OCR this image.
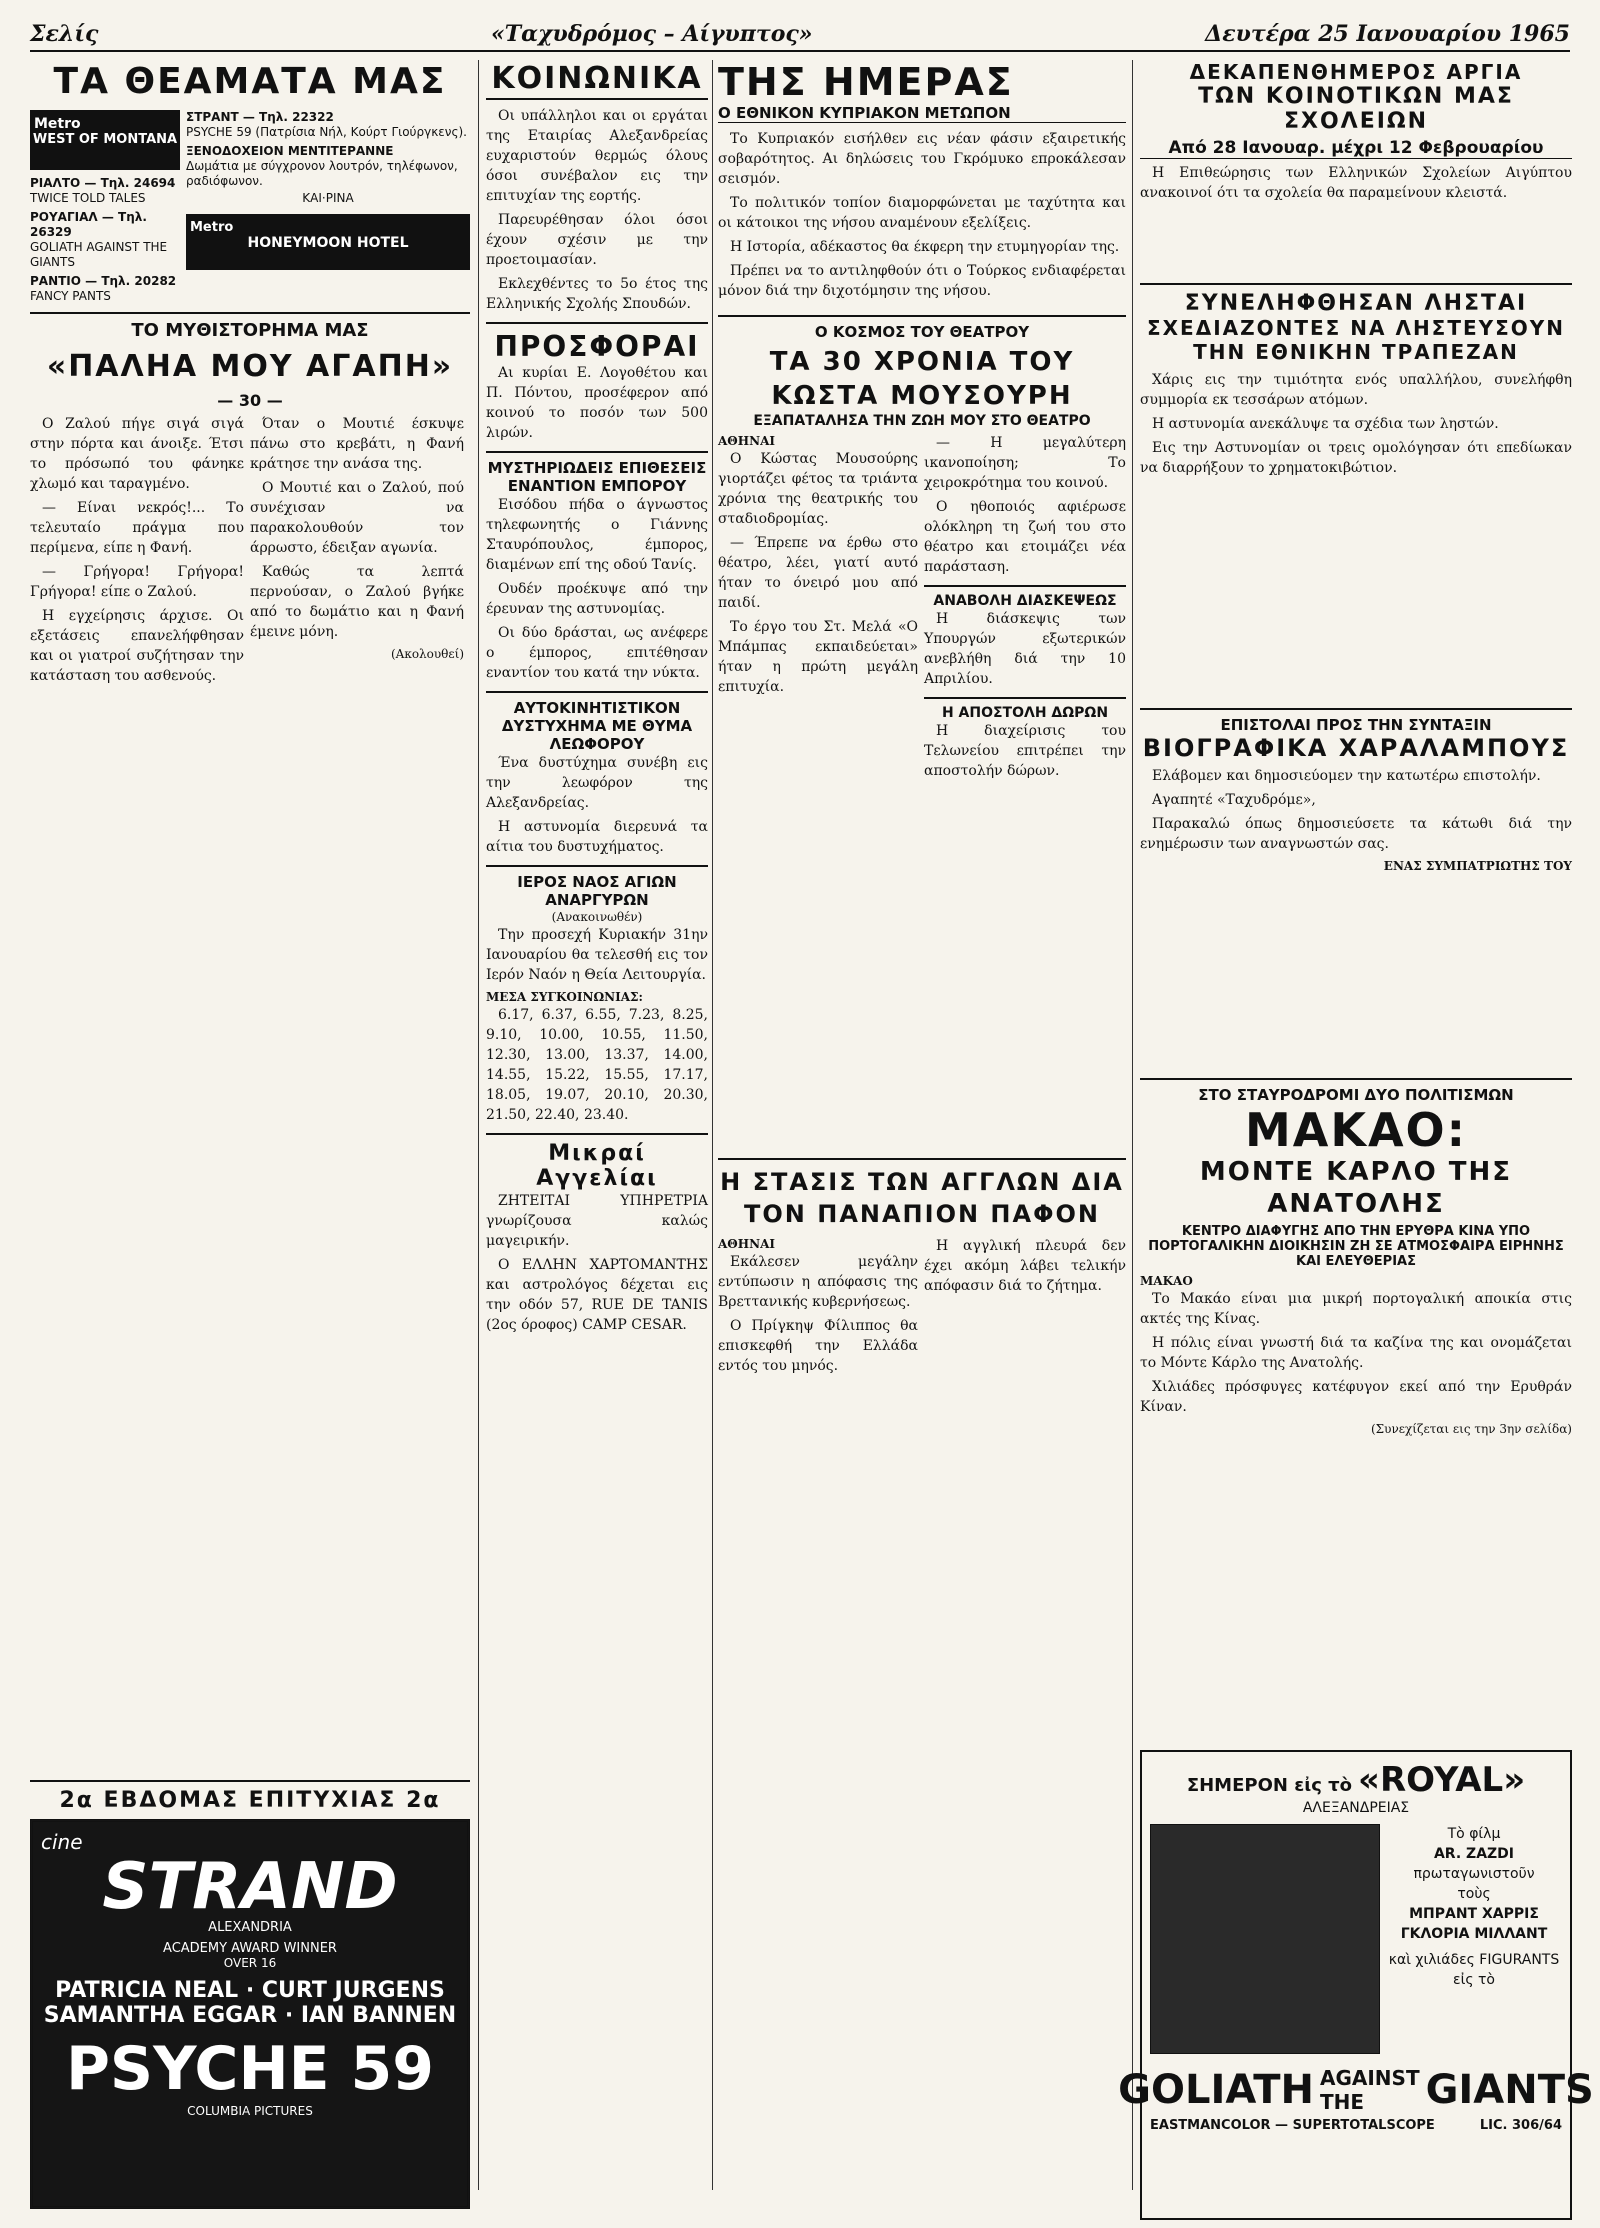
Σελίς	«Ταχυδρόμος – Αίγυπτος»	Δευτέρα 25 Ιανουαρίου 1965
ΤΑ ΘΕΑΜΑΤΑ ΜΑΣ
Metro
WEST OF MONTANA
ΡΙΑΛΤΟ — Τηλ. 24694
TWICE TOLD TALES
ΡΟΥΑΓΙΑΛ — Τηλ. 26329
GOLIATH AGAINST THE GIANTS
ΡΑΝΤΙΟ — Τηλ. 20282
FANCY PANTS
ΣΤΡΑΝΤ — Τηλ. 22322
PSYCHE 59 (Πατρίσια Νήλ, Κούρτ Γιούργκενς).
ΞΕΝΟΔΟΧΕΙΟΝ ΜΕΝΤΙΤΕΡΑΝΝΕ
Δωμάτια με σύγχρονον λουτρόν, τηλέφωνον, ραδιόφωνον.
ΚΑΙ·ΡΙΝΑ
Metro
HONEYMOON HOTEL
ΤΟ ΜΥΘΙΣΤΟΡΗΜΑ ΜΑΣ
«ΠΑΛΗΑ ΜΟΥ ΑΓΑΠΗ»
— 30 —

Ο Ζαλού πήγε σιγά σιγά στην πόρτα και άνοιξε. Έτσι το πρόσωπό του φάνηκε χλωμό και ταραγμένο.

— Είναι νεκρός!... Το τελευταίο πράγμα που περίμενα, είπε η Φανή.

— Γρήγορα! Γρήγορα! Γρήγορα! είπε ο Ζαλού.

Η εγχείρησις άρχισε. Οι εξετάσεις επανελήφθησαν και οι γιατροί συζήτησαν την κατάσταση του ασθενούς.

Όταν ο Μουτιέ έσκυψε πάνω στο κρεβάτι, η Φανή κράτησε την ανάσα της.

Ο Μουτιέ και ο Ζαλού, πού συνέχισαν να παρακολουθούν τον άρρωστο, έδειξαν αγωνία.

Καθώς τα λεπτά περνούσαν, ο Ζαλού βγήκε από το δωμάτιο και η Φανή έμεινε μόνη.

(Ακολουθεί)

2α ΕΒΔΟΜΑΣ ΕΠΙΤΥΧΙΑΣ 2α
cine
STRAND
ALEXANDRIA
ACADEMY AWARD WINNER
OVER 16
PATRICIA NEAL · CURT JURGENS
SAMANTHA EGGAR · IAN BANNEN
PSYCHE 59
COLUMBIA PICTURES
ΚΟΙΝΩΝΙΚΑ

Οι υπάλληλοι και οι εργάται της Εταιρίας Αλεξανδρείας ευχαριστούν θερμώς όλους όσοι συνέβαλον εις την επιτυχίαν της εορτής.

Παρευρέθησαν όλοι όσοι έχουν σχέσιν με την προετοιμασίαν.

Εκλεχθέντες το 5ο έτος της Ελληνικής Σχολής Σπουδών.

ΠΡΟΣΦΟΡΑΙ

Αι κυρίαι Ε. Λογοθέτου και Π. Πόντου, προσέφερον από κοινού το ποσόν των 500 λιρών.

ΜΥΣΤΗΡΙΩΔΕΙΣ ΕΠΙΘΕΣΕΙΣ ΕΝΑΝΤΙΟΝ ΕΜΠΟΡΟΥ

Εισόδου πήδα ο άγνωστος τηλεφωνητής ο Γιάννης Σταυρόπουλος, έμπορος, διαμένων επί της οδού Τανίς.

Ουδέν προέκυψε από την έρευναν της αστυνομίας.

Οι δύο δράσται, ως ανέφερε ο έμπορος, επιτέθησαν εναντίον του κατά την νύκτα.

ΑΥΤΟΚΙΝΗΤΙΣΤΙΚΟΝ ΔΥΣΤΥΧΗΜΑ ΜΕ ΘΥΜΑ ΛΕΩΦΟΡΟΥ

Ένα δυστύχημα συνέβη εις την λεωφόρον της Αλεξανδρείας.

Η αστυνομία διερευνά τα αίτια του δυστυχήματος.

ΙΕΡΟΣ ΝΑΟΣ ΑΓΙΩΝ ΑΝΑΡΓΥΡΩΝ
(Ανακοινωθέν)

Την προσεχή Κυριακήν 31ην Ιανουαρίου θα τελεσθή εις τον Ιερόν Ναόν η Θεία Λειτουργία.

ΜΕΣΑ ΣΥΓΚΟΙΝΩΝΙΑΣ:

6.17, 6.37, 6.55, 7.23, 8.25, 9.10, 10.00, 10.55, 11.50, 12.30, 13.00, 13.37, 14.00, 14.55, 15.22, 15.55, 17.17, 18.05, 19.07, 20.10, 20.30, 21.50, 22.40, 23.40.

Μικραί Αγγελίαι

ΖΗΤΕΙΤΑΙ ΥΠΗΡΕΤΡΙΑ γνωρίζουσα καλώς μαγειρικήν.

Ο ΕΛΛΗΝ ΧΑΡΤΟΜΑΝΤΗΣ και αστρολόγος δέχεται εις την οδόν 57, RUE DE TANIS (2ος όροφος) CAMP CESAR.

ΤΗΣ ΗΜΕΡΑΣ
Ο ΕΘΝΙΚΟΝ ΚΥΠΡΙΑΚΟΝ ΜΕΤΩΠΟΝ

Το Κυπριακόν εισήλθεν εις νέαν φάσιν εξαιρετικής σοβαρότητος. Αι δηλώσεις του Γκρόμυκο επροκάλεσαν σεισμόν.

Το πολιτικόν τοπίον διαμορφώνεται με ταχύτητα και οι κάτοικοι της νήσου αναμένουν εξελίξεις.

Η Ιστορία, αδέκαστος θα έκφερη την ετυμηγορίαν της.

Πρέπει να το αντιληφθούν ότι ο Τούρκος ενδιαφέρεται μόνον διά την διχοτόμησιν της νήσου.

Ο ΚΟΣΜΟΣ ΤΟΥ ΘΕΑΤΡΟΥ
ΤΑ 30 ΧΡΟΝΙΑ ΤΟΥ ΚΩΣΤΑ ΜΟΥΣΟΥΡΗ
ΕΞΑΠΑΤΑΛΗΣΑ ΤΗΝ ΖΩΗ ΜΟΥ ΣΤΟ ΘΕΑΤΡΟ

ΑΘΗΝΑΙ

Ο Κώστας Μουσούρης γιορτάζει φέτος τα τριάντα χρόνια της θεατρικής του σταδιοδρομίας.

— Έπρεπε να έρθω στο θέατρο, λέει, γιατί αυτό ήταν το όνειρό μου από παιδί.

Το έργο του Στ. Μελά «Ο Μπάμπας εκπαιδεύεται» ήταν η πρώτη μεγάλη επιτυχία.

— Η μεγαλύτερη ικανοποίηση; Το χειροκρότημα του κοινού.

Ο ηθοποιός αφιέρωσε ολόκληρη τη ζωή του στο θέατρο και ετοιμάζει νέα παράσταση.

ΑΝΑΒΟΛΗ ΔΙΑΣΚΕΨΕΩΣ

Η διάσκεψις των Υπουργών εξωτερικών ανεβλήθη διά την 10 Απριλίου.

Η ΑΠΟΣΤΟΛΗ ΔΩΡΩΝ

Η διαχείρισις του Τελωνείου επιτρέπει την αποστολήν δώρων.

Η ΣΤΑΣΙΣ ΤΩΝ ΑΓΓΛΩΝ ΔΙΑ ΤΟΝ ΠΑΝΑΠΙΟΝ ΠΑΦΟΝ

ΑΘΗΝΑΙ

Εκάλεσεν μεγάλην εντύπωσιν η απόφασις της Βρεττανικής κυβερνήσεως.

Ο Πρίγκηψ Φίλιππος θα επισκεφθή την Ελλάδα εντός του μηνός.

Η αγγλική πλευρά δεν έχει ακόμη λάβει τελικήν απόφασιν διά το ζήτημα.

ΔΕΚΑΠΕΝΘΗΜΕΡΟΣ ΑΡΓΙΑ
ΤΩΝ ΚΟΙΝΟΤΙΚΩΝ ΜΑΣ ΣΧΟΛΕΙΩΝ
Από 28 Ιανουαρ. μέχρι 12 Φεβρουαρίου

Η Επιθεώρησις των Ελληνικών Σχολείων Αιγύπτου ανακοινοί ότι τα σχολεία θα παραμείνουν κλειστά.

ΣΥΝΕΛΗΦΘΗΣΑΝ ΛΗΣΤΑΙ
ΣΧΕΔΙΑΖΟΝΤΕΣ ΝΑ ΛΗΣΤΕΥΣΟΥΝ
ΤΗΝ ΕΘΝΙΚΗΝ ΤΡΑΠΕΖΑΝ

Χάρις εις την τιμιότητα ενός υπαλλήλου, συνελήφθη συμμορία εκ τεσσάρων ατόμων.

Η αστυνομία ανεκάλυψε τα σχέδια των ληστών.

Εις την Αστυνομίαν οι τρεις ομολόγησαν ότι επεδίωκαν να διαρρήξουν το χρηματοκιβώτιον.

ΕΠΙΣΤΟΛΑΙ ΠΡΟΣ ΤΗΝ ΣΥΝΤΑΞΙΝ
ΒΙΟΓΡΑΦΙΚΑ ΧΑΡΑΛΑΜΠΟΥΣ

Ελάβομεν και δημοσιεύομεν την κατωτέρω επιστολήν.

Αγαπητέ «Ταχυδρόμε»,

Παρακαλώ όπως δημοσιεύσετε τα κάτωθι διά την ενημέρωσιν των αναγνωστών σας.

ΕΝΑΣ ΣΥΜΠΑΤΡΙΩΤΗΣ ΤΟΥ

ΣΤΟ ΣΤΑΥΡΟΔΡΟΜΙ ΔΥΟ ΠΟΛΙΤΙΣΜΩΝ
ΜΑΚΑΟ:
ΜΟΝΤΕ ΚΑΡΛΟ ΤΗΣ ΑΝΑΤΟΛΗΣ
ΚΕΝΤΡΟ ΔΙΑΦΥΓΗΣ ΑΠΟ ΤΗΝ ΕΡΥΘΡΑ ΚΙΝΑ ΥΠΟ ΠΟΡΤΟΓΑΛΙΚΗΝ ΔΙΟΙΚΗΣΙΝ ΖΗ ΣΕ ΑΤΜΟΣΦΑΙΡΑ ΕΙΡΗΝΗΣ ΚΑΙ ΕΛΕΥΘΕΡΙΑΣ

ΜΑΚΑΟ

Το Μακάο είναι μια μικρή πορτογαλική αποικία στις ακτές της Κίνας.

Η πόλις είναι γνωστή διά τα καζίνα της και ονομάζεται το Μόντε Κάρλο της Ανατολής.

Χιλιάδες πρόσφυγες κατέφυγον εκεί από την Ερυθράν Κίναν.

(Συνεχίζεται εις την 3ην σελίδα)

ΣΗΜΕΡΟΝ εἰς τὸ «ROYAL»
ΑΛΕΞΑΝΔΡΕΙΑΣ
Τὸ φίλμ
AR. ZAZDI
πρωταγωνιστοῦν
τοὺς
ΜΠΡΑΝΤ ΧΑΡΡΙΣ
ΓΚΛΟΡΙΑ ΜΙΛΛΑΝΤ
καὶ χιλιάδες FIGURANTS εἰς τὸ
GOLIATH AGAINST THE	GIANTS
EASTMANCOLOR — SUPERTOTALSCOPE	LIC. 306/64
